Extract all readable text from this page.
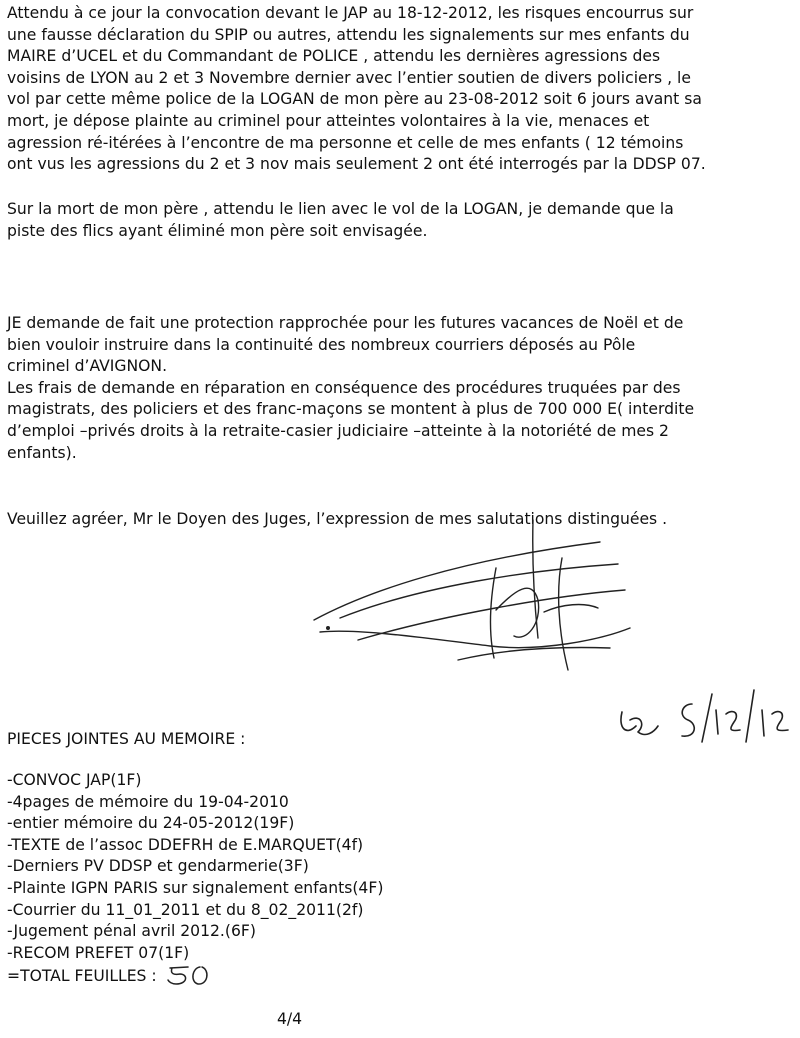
Attendu à ce jour la convocation devant le JAP au 18-12-2012, les risques encourrus sur
une fausse déclaration du SPIP ou autres, attendu les signalements sur mes enfants du
MAIRE d’UCEL et du Commandant de POLICE , attendu les dernières agressions des
voisins de LYON au 2 et 3 Novembre dernier avec l’entier soutien de divers policiers , le
vol par cette même police de la LOGAN de mon père au 23-08-2012 soit 6 jours avant sa
mort, je dépose plainte au criminel pour atteintes volontaires à la vie, menaces et
agression ré-itérées à l’encontre de ma personne et celle de mes enfants ( 12 témoins
ont vus les agressions du 2 et 3 nov mais seulement 2 ont été interrogés par la DDSP 07.
Sur la mort de mon père , attendu le lien avec le vol de la LOGAN, je demande que la
piste des flics ayant éliminé mon père soit envisagée.
JE demande de fait une protection rapprochée pour les futures vacances de Noël et de
bien vouloir instruire dans la continuité des nombreux courriers déposés au Pôle
criminel d’AVIGNON.
Les frais de demande en réparation en conséquence des procédures truquées par des
magistrats, des policiers et des franc-maçons se montent à plus de 700 000 E( interdite
d’emploi –privés droits à la retraite-casier judiciaire –atteinte à la notoriété de mes 2
enfants).
Veuillez agréer, Mr le Doyen des Juges, l’expression de mes salutations distinguées .
PIECES JOINTES AU MEMOIRE :
-CONVOC JAP(1F)
-4pages de mémoire du 19-04-2010
-entier mémoire du 24-05-2012(19F)
-TEXTE de l’assoc DDEFRH de E.MARQUET(4f)
-Derniers PV DDSP et gendarmerie(3F)
-Plainte IGPN PARIS sur signalement enfants(4F)
-Courrier du 11_01_2011 et du 8_02_2011(2f)
-Jugement pénal avril 2012.(6F)
-RECOM PREFET 07(1F)
=TOTAL FEUILLES :
4/4
